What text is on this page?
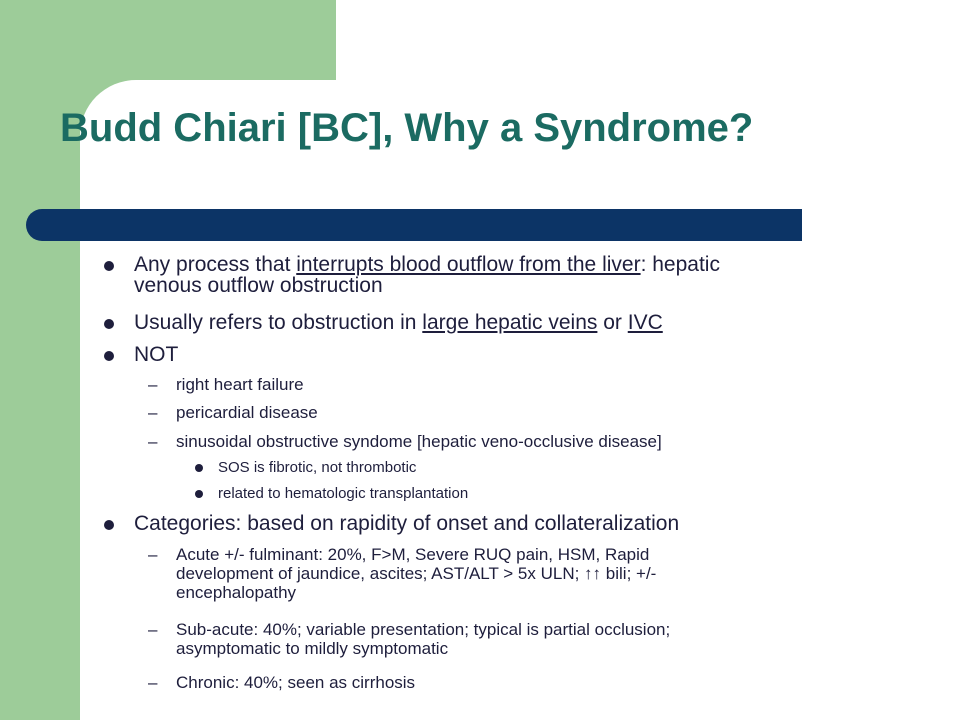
Budd Chiari [BC], Why a Syndrome?
Any process that interrupts blood outflow from the liver: hepatic
venous outflow obstruction
Usually refers to obstruction in large hepatic veins or IVC
NOT
– right heart failure
– pericardial disease
– sinusoidal obstructive syndome [hepatic veno-occlusive disease]
SOS is fibrotic, not thrombotic
related to hematologic transplantation
Categories: based on rapidity of onset and collateralization
– Acute +/- fulminant: 20%, F>M, Severe RUQ pain, HSM, Rapid
development of jaundice, ascites; AST/ALT > 5x ULN; ↑↑ bili; +/-
encephalopathy
– Sub-acute: 40%; variable presentation; typical is partial occlusion;
asymptomatic to mildly symptomatic
– Chronic: 40%; seen as cirrhosis
